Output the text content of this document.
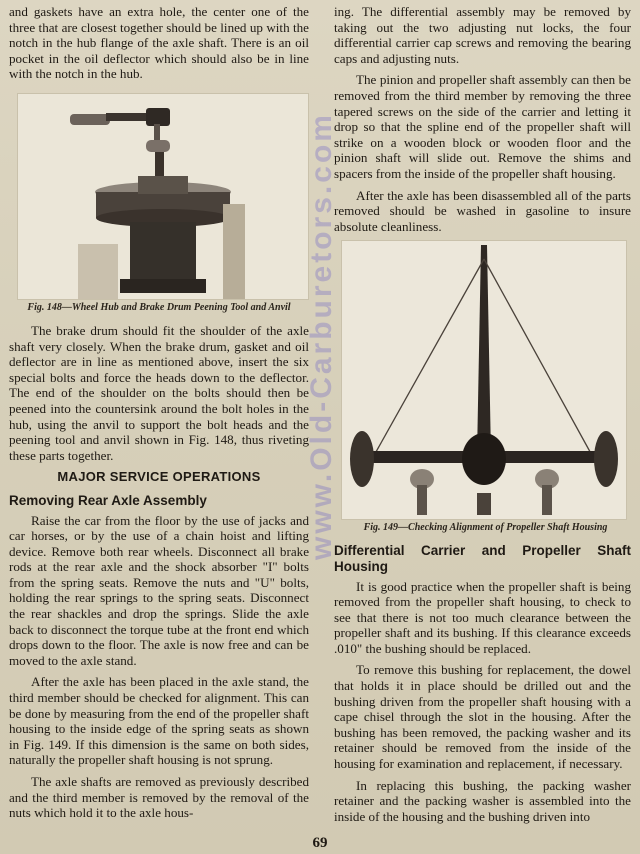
and gaskets have an extra hole, the center one of the three that are closest together should be lined up with the notch in the hub flange of the axle shaft. There is an oil pocket in the oil deflector which should also be in line with the notch in the hub.

Fig. 148—Wheel Hub and Brake Drum Peening Tool and Anvil

The brake drum should fit the shoulder of the axle shaft very closely. When the brake drum, gasket and oil deflector are in line as mentioned above, insert the six special bolts and force the heads down to the deflector. The end of the shoulder on the bolts should then be peened into the countersink around the bolt holes in the hub, using the anvil to support the bolt heads and the peening tool and anvil shown in Fig. 148, thus riveting these parts together.

MAJOR SERVICE OPERATIONS
Removing Rear Axle Assembly

Raise the car from the floor by the use of jacks and car horses, or by the use of a chain hoist and lifting device. Remove both rear wheels. Disconnect all brake rods at the rear axle and the shock absorber "I" bolts from the spring seats. Remove the nuts and "U" bolts, holding the rear springs to the spring seats. Disconnect the rear shackles and drop the springs. Slide the axle back to disconnect the torque tube at the front end which drops down to the floor. The axle is now free and can be moved to the axle stand.

After the axle has been placed in the axle stand, the third member should be checked for alignment. This can be done by measuring from the end of the propeller shaft housing to the inside edge of the spring seats as shown in Fig. 149. If this dimension is the same on both sides, naturally the propeller shaft housing is not sprung.

The axle shafts are removed as previously described and the third member is removed by the removal of the nuts which hold it to the axle hous-

ing. The differential assembly may be removed by taking out the two adjusting nut locks, the four differential carrier cap screws and removing the bearing caps and adjusting nuts.

The pinion and propeller shaft assembly can then be removed from the third member by removing the three tapered screws on the side of the carrier and letting it drop so that the spline end of the propeller shaft will strike on a wooden block or wooden floor and the pinion shaft will slide out. Remove the shims and spacers from the inside of the propeller shaft housing.

After the axle has been disassembled all of the parts removed should be washed in gasoline to insure absolute cleanliness.

Fig. 149—Checking Alignment of Propeller Shaft Housing
Differential Carrier and Propeller Shaft Housing

It is good practice when the propeller shaft is being removed from the propeller shaft housing, to check to see that there is not too much clearance between the propeller shaft and its bushing. If this clearance exceeds .010" the bushing should be replaced.

To remove this bushing for replacement, the dowel that holds it in place should be drilled out and the bushing driven from the propeller shaft housing with a cape chisel through the slot in the housing. After the bushing has been removed, the packing washer and its retainer should be removed from the inside of the housing for examination and replacement, if necessary.

In replacing this bushing, the packing washer retainer and the packing washer is assembled into the inside of the housing and the bushing driven into

www.Old-Carburetors.com
69
